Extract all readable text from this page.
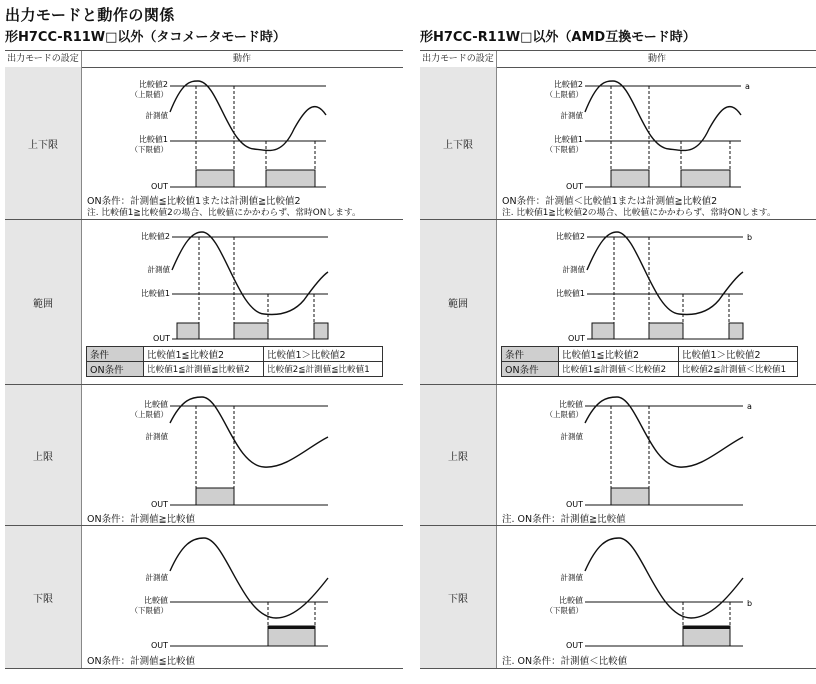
出力モードと動作の関係
形H7CC-R11W□以外（タコメータモード時）
出力モードの設定	動作
上下限
比較値2
（上限値）
計測値
比較値1
（下限値）
OUT
ON条件：計測値≦比較値1または計測値≧比較値2
注. 比較値1≧比較値2の場合、比較値にかかわらず、常時ONします。
範囲
比較値2
計測値
比較値1
OUT
条件	比較値1≦比較値2	比較値1＞比較値2
ON条件	比較値1≦計測値≦比較値2	比較値2≦計測値≦比較値1
上限
比較値
（上限値）
計測値
OUT
ON条件：計測値≧比較値
下限
計測値
比較値
（下限値）
OUT
ON条件：計測値≦比較値
形H7CC-R11W□以外（AMD互換モード時）
出力モードの設定	動作
上下限
比較値2
（上限値）
計測値
比較値1
（下限値）
OUT
a
ON条件：計測値＜比較値1または計測値≧比較値2
注. 比較値1≧比較値2の場合、比較値にかかわらず、常時ONします。
範囲
比較値2
計測値
比較値1
OUT
b
条件	比較値1≦比較値2	比較値1＞比較値2
ON条件	比較値1≦計測値＜比較値2	比較値2≦計測値＜比較値1
上限
比較値
（上限値）
計測値
OUT
a
注. ON条件：計測値≧比較値
下限
計測値
比較値
（下限値）
OUT
b
注. ON条件：計測値＜比較値
